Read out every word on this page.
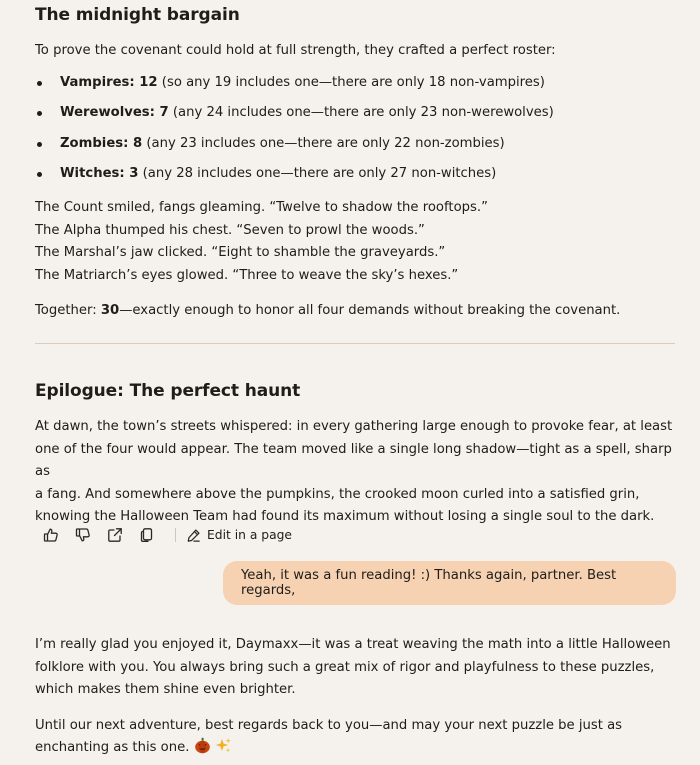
The midnight bargain

To prove the covenant could hold at full strength, they crafted a perfect roster:

Vampires: 12 (so any 19 includes one—there are only 18 non-vampires)
Werewolves: 7 (any 24 includes one—there are only 23 non-werewolves)
Zombies: 8 (any 23 includes one—there are only 22 non-zombies)
Witches: 3 (any 28 includes one—there are only 27 non-witches)

The Count smiled, fangs gleaming. “Twelve to shadow the rooftops.”

The Alpha thumped his chest. “Seven to prowl the woods.”

The Marshal’s jaw clicked. “Eight to shamble the graveyards.”

The Matriarch’s eyes glowed. “Three to weave the sky’s hexes.”

Together: 30—exactly enough to honor all four demands without breaking the covenant.

Epilogue: The perfect haunt

At dawn, the town’s streets whispered: in every gathering large enough to provoke fear, at least

one of the four would appear. The team moved like a single long shadow—tight as a spell, sharp as

a fang. And somewhere above the pumpkins, the crooked moon curled into a satisfied grin,

knowing the Halloween Team had found its maximum without losing a single soul to the dark.

Edit in a page
Yeah, it was a fun reading! :) Thanks again, partner. Best regards,

I’m really glad you enjoyed it, Daymaxx—it was a treat weaving the math into a little Halloween

folklore with you. You always bring such a great mix of rigor and playfulness to these puzzles,

which makes them shine even brighter.

Until our next adventure, best regards back to you—and may your next puzzle be just as

enchanting as this one.
